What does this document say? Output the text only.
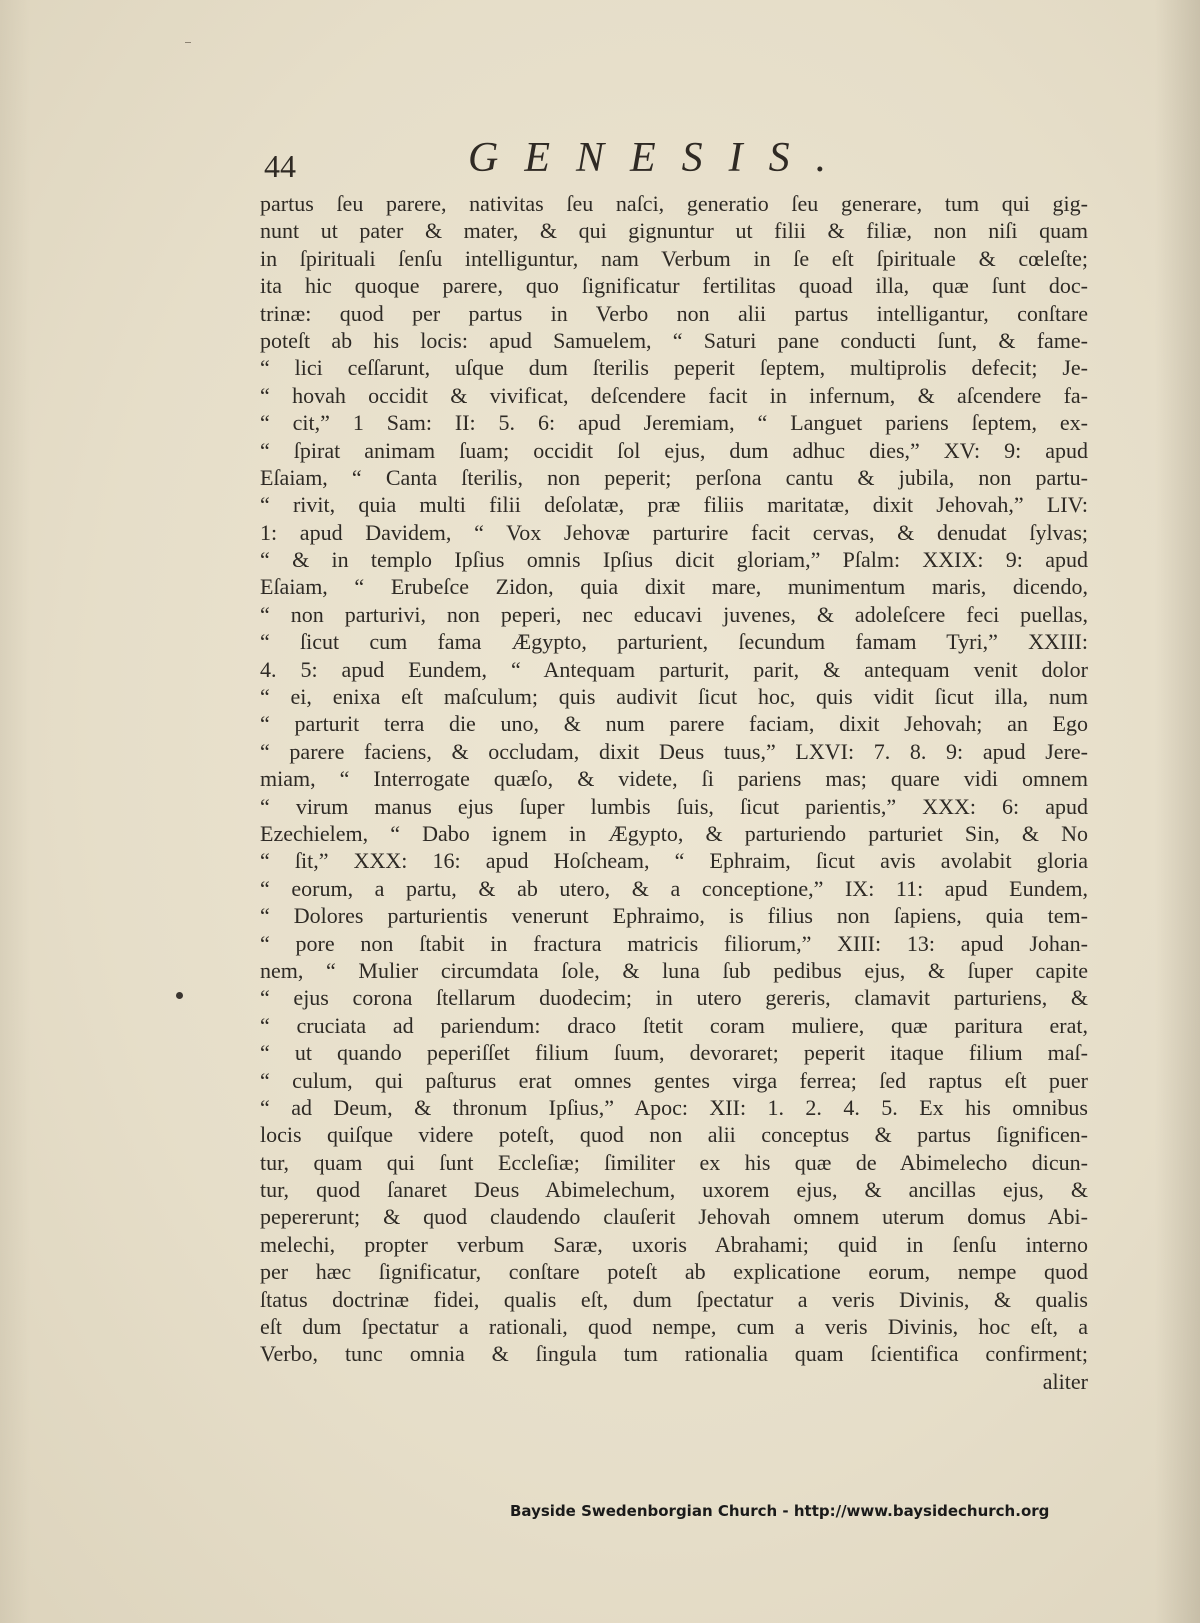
44	GENESIS.
partus ſeu parere, nativitas ſeu naſci, generatio ſeu generare, tum qui gig-
nunt ut pater & mater, & qui gignuntur ut filii & filiæ, non niſi quam
in ſpirituali ſenſu intelliguntur, nam Verbum in ſe eſt ſpirituale & cœleſte;
ita hic quoque parere, quo ſignificatur fertilitas quoad illa, quæ ſunt doc-
trinæ: quod per partus in Verbo non alii partus intelligantur, conſtare
poteſt ab his locis: apud Samuelem, “ Saturi pane conducti ſunt, & fame-
“ lici ceſſarunt, uſque dum ſterilis peperit ſeptem, multiprolis defecit; Je-
“ hovah occidit & vivificat, deſcendere facit in infernum, & aſcendere fa-
“ cit,” 1 Sam: II: 5. 6: apud Jeremiam, “ Languet pariens ſeptem, ex-
“ ſpirat animam ſuam; occidit ſol ejus, dum adhuc dies,” XV: 9: apud
Eſaiam, “ Canta ſterilis, non peperit; perſona cantu & jubila, non partu-
“ rivit, quia multi filii deſolatæ, præ filiis maritatæ, dixit Jehovah,” LIV:
1: apud Davidem, “ Vox Jehovæ parturire facit cervas, & denudat ſylvas;
“ & in templo Ipſius omnis Ipſius dicit gloriam,” Pſalm: XXIX: 9: apud
Eſaiam, “ Erubeſce Zidon, quia dixit mare, munimentum maris, dicendo,
“ non parturivi, non peperi, nec educavi juvenes, & adoleſcere feci puellas,
“ ſicut cum fama Ægypto, parturient, ſecundum famam Tyri,” XXIII:
4. 5: apud Eundem, “ Antequam parturit, parit, & antequam venit dolor
“ ei, enixa eſt maſculum; quis audivit ſicut hoc, quis vidit ſicut illa, num
“ parturit terra die uno, & num parere faciam, dixit Jehovah; an Ego
“ parere faciens, & occludam, dixit Deus tuus,” LXVI: 7. 8. 9: apud Jere-
miam, “ Interrogate quæſo, & videte, ſi pariens mas; quare vidi omnem
“ virum manus ejus ſuper lumbis ſuis, ſicut parientis,” XXX: 6: apud
Ezechielem, “ Dabo ignem in Ægypto, & parturiendo parturiet Sin, & No
“ ſit,” XXX: 16: apud Hoſcheam, “ Ephraim, ſicut avis avolabit gloria
“ eorum, a partu, & ab utero, & a conceptione,” IX: 11: apud Eundem,
“ Dolores parturientis venerunt Ephraimo, is filius non ſapiens, quia tem-
“ pore non ſtabit in fractura matricis filiorum,” XIII: 13: apud Johan-
nem, “ Mulier circumdata ſole, & luna ſub pedibus ejus, & ſuper capite
“ ejus corona ſtellarum duodecim; in utero gereris, clamavit parturiens, &
“ cruciata ad pariendum: draco ſtetit coram muliere, quæ paritura erat,
“ ut quando peperiſſet filium ſuum, devoraret; peperit itaque filium maſ-
“ culum, qui paſturus erat omnes gentes virga ferrea; ſed raptus eſt puer
“ ad Deum, & thronum Ipſius,” Apoc: XII: 1. 2. 4. 5. Ex his omnibus
locis quiſque videre poteſt, quod non alii conceptus & partus ſignificen-
tur, quam qui ſunt Eccleſiæ; ſimiliter ex his quæ de Abimelecho dicun-
tur, quod ſanaret Deus Abimelechum, uxorem ejus, & ancillas ejus, &
pepererunt; & quod claudendo clauſerit Jehovah omnem uterum domus Abi-
melechi, propter verbum Saræ, uxoris Abrahami; quid in ſenſu interno
per hæc ſignificatur, conſtare poteſt ab explicatione eorum, nempe quod
ſtatus doctrinæ fidei, qualis eſt, dum ſpectatur a veris Divinis, & qualis
eſt dum ſpectatur a rationali, quod nempe, cum a veris Divinis, hoc eſt, a
Verbo, tunc omnia & ſingula tum rationalia quam ſcientifica confirment;
aliter
Bayside Swedenborgian Church - http://www.baysidechurch.org
